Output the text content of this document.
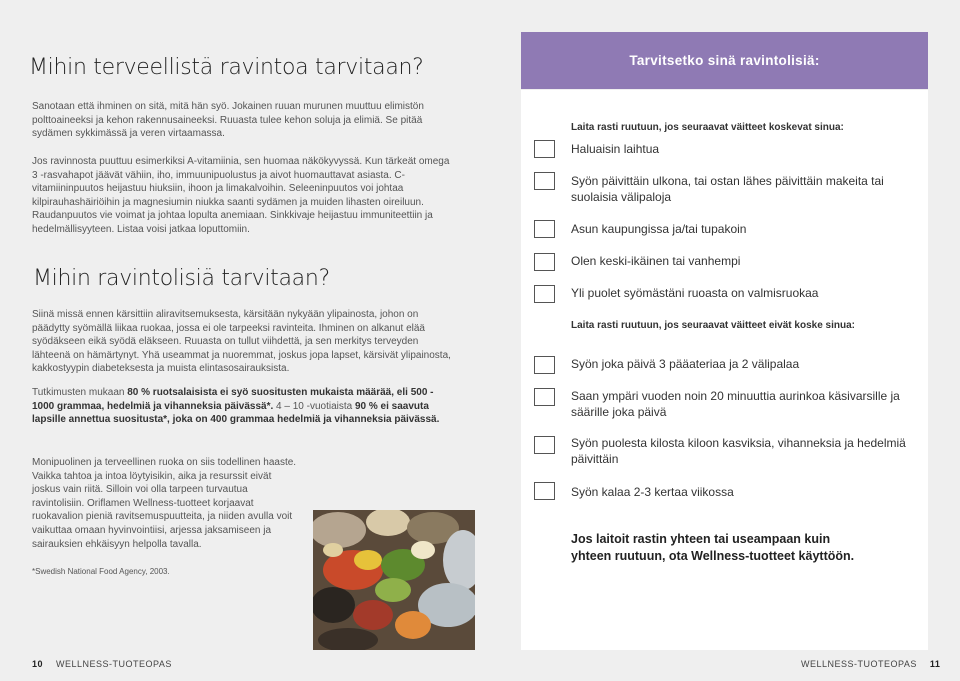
Mihin terveellistä ravintoa tarvitaan?
Sanotaan että ihminen on sitä, mitä hän syö. Jokainen ruuan murunen muuttuu elimistön polttoaineeksi ja kehon rakennusaineeksi. Ruuasta tulee kehon soluja ja elimiä. Se pitää sydämen sykkimässä ja veren virtaamassa.
Jos ravinnosta puuttuu esimerkiksi A-vitamiinia, sen huomaa näkökyvyssä. Kun tärkeät omega 3 -rasvahapot jäävät vähiin, iho, immuunipuolustus ja aivot huomauttavat asiasta. C-vitamiininpuutos heijastuu hiuksiin, ihoon ja limakalvoihin. Seleeninpuutos voi johtaa kilpirauhashäiriöihin ja magnesiumin niukka saanti sydämen ja muiden lihasten oireiluun. Raudanpuutos vie voimat ja johtaa lopulta anemiaan. Sinkkivaje heijastuu immuniteettiin ja hedelmällisyyteen. Listaa voisi jatkaa loputtomiin.
Mihin ravintolisiä tarvitaan?
Siinä missä ennen kärsittiin aliravitsemuksesta, kärsitään nykyään ylipainosta, johon on päädytty syömällä liikaa ruokaa, jossa ei ole tarpeeksi ravinteita. Ihminen on alkanut elää syödäkseen eikä syödä eläkseen. Ruuasta on tullut viihdettä, ja sen merkitys terveyden lähteenä on hämärtynyt. Yhä useammat ja nuoremmat, joskus jopa lapset, kärsivät ylipainosta, kakkostyypin diabeteksesta ja muista elintasosairauksista.
Tutkimusten mukaan 80 % ruotsalaisista ei syö suositusten mukaista määrää, eli 500 - 1000 grammaa, hedelmiä ja vihanneksia päivässä*. 4 – 10 -vuotiaista 90 % ei saavuta lapsille annettua suositusta*, joka on 400 grammaa hedelmiä ja vihanneksia päivässä.
Monipuolinen ja terveellinen ruoka on siis todellinen haaste. Vaikka tahtoa ja intoa löytyisikin, aika ja resurssit eivät joskus vain riitä. Silloin voi olla tarpeen turvautua ravintolisiin. Oriflamen Wellness-tuotteet korjaavat ruokavalion pieniä ravitsemuspuutteita, ja niiden avulla voit vaikuttaa omaan hyvinvointiisi, arjessa jaksamiseen ja sairauksien ehkäisyyn helpolla tavalla.
*Swedish National Food Agency, 2003.
10 WELLNESS-TUOTEOPAS
Tarvitsetko sinä ravintolisiä:
Laita rasti ruutuun, jos seuraavat väitteet koskevat sinua:
Haluaisin laihtua
Syön päivittäin ulkona, tai ostan lähes päivittäin makeita tai suolaisia välipaloja
Asun kaupungissa ja/tai tupakoin
Olen keski-ikäinen tai vanhempi
Yli puolet syömästäni ruoasta on valmisruokaa
Laita rasti ruutuun, jos seuraavat väitteet eivät koske sinua:
Syön joka päivä 3 pääateriaa ja 2 välipalaa
Saan ympäri vuoden noin 20 minuuttia aurinkoa käsivarsille ja säärille joka päivä
Syön puolesta kilosta kiloon kasviksia, vihanneksia ja hedelmiä päivittäin
Syön kalaa 2-3 kertaa viikossa
Jos laitoit rastin yhteen tai useampaan kuin yhteen ruutuun, ota Wellness-tuotteet käyttöön.
WELLNESS-TUOTEOPAS 11
